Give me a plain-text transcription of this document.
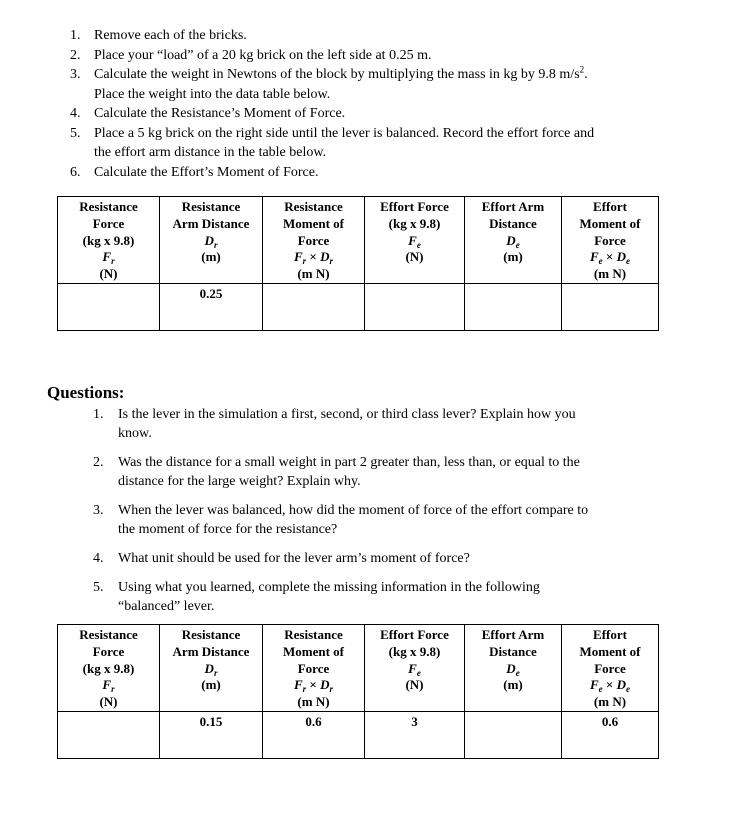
1. Remove each of the bricks.
2. Place your “load” of a 20 kg brick on the left side at 0.25 m.
3. Calculate the weight in Newtons of the block by multiplying the mass in kg by 9.8 $m/s^2$.
Place the weight into the data table below.
4. Calculate the Resistance’s Moment of Force.
5. Place a 5 kg brick on the right side until the lever is balanced. Record the effort force and
the effort arm distance in the table below.
6. Calculate the Effort’s Moment of Force.
Resistance
Force
(kg x 9.8)
$F_r$
(N)	Resistance
Arm Distance
$D_r$
(m)	Resistance
Moment of
Force
$F_r \times D_r$
(m N)	Effort Force
(kg x 9.8)
$F_e$
(N)	Effort Arm
Distance
$D_e$
(m)	Effort
Moment of
Force
$F_e \times D_e$
(m N)
	0.25				
Questions:
1.	Is the lever in the simulation a first, second, or third class lever? Explain how you
know.
2.	Was the distance for a small weight in part 2 greater than, less than, or equal to the
distance for the large weight? Explain why.
3.	When the lever was balanced, how did the moment of force of the effort compare to
the moment of force for the resistance?
4.	What unit should be used for the lever arm’s moment of force?
5.	Using what you learned, complete the missing information in the following
“balanced” lever.
Resistance
Force
(kg x 9.8)
$F_r$
(N)	Resistance
Arm Distance
$D_r$
(m)	Resistance
Moment of
Force
$F_r \times D_r$
(m N)	Effort Force
(kg x 9.8)
$F_e$
(N)	Effort Arm
Distance
$D_e$
(m)	Effort
Moment of
Force
$F_e \times D_e$
(m N)
	0.15	0.6	3		0.6
